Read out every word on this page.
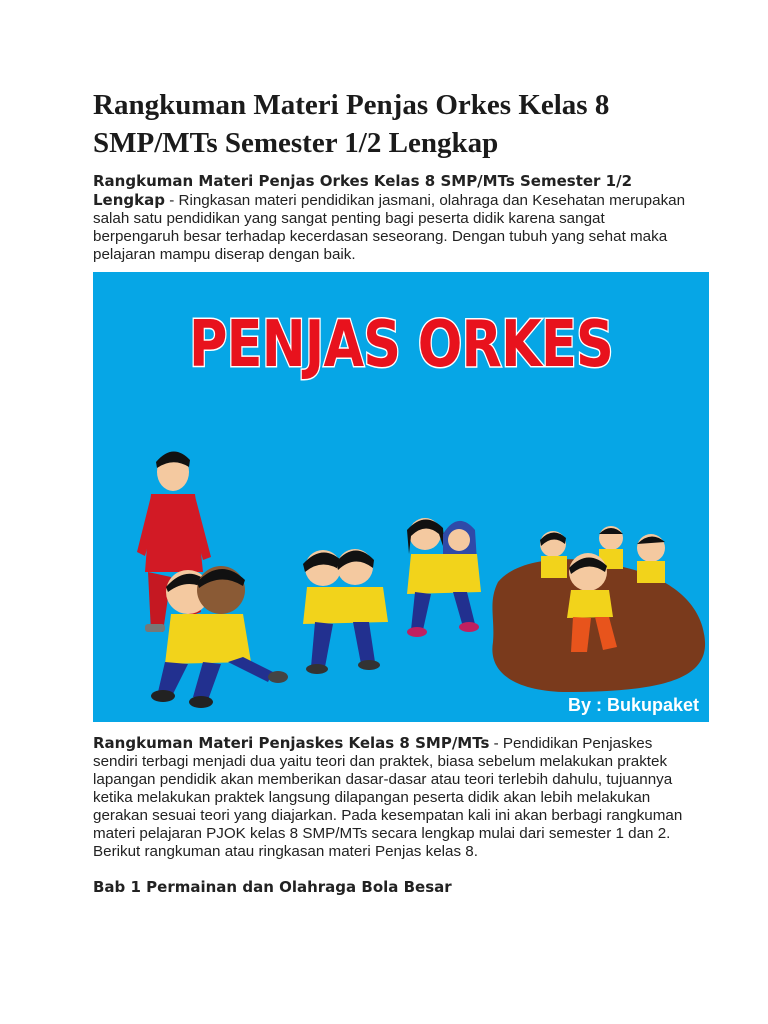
Rangkuman Materi Penjas Orkes Kelas 8 SMP/MTs Semester 1/2 Lengkap

Rangkuman Materi Penjas Orkes Kelas 8 SMP/MTs Semester 1/2 Lengkap - Ringkasan materi pendidikan jasmani, olahraga dan Kesehatan merupakan salah satu pendidikan yang sangat penting bagi peserta didik karena sangat berpengaruh besar terhadap kecerdasan seseorang. Dengan tubuh yang sehat maka pelajaran mampu diserap dengan baik.

PENJAS ORKES
By : Bukupaket

Rangkuman Materi Penjaskes Kelas 8 SMP/MTs - Pendidikan Penjaskes sendiri terbagi menjadi dua yaitu teori dan praktek, biasa sebelum melakukan praktek lapangan pendidik akan memberikan dasar-dasar atau teori terlebih dahulu, tujuannya ketika melakukan praktek langsung dilapangan peserta didik akan lebih melakukan gerakan sesuai teori yang diajarkan. Pada kesempatan kali ini akan berbagi rangkuman materi pelajaran PJOK kelas 8 SMP/MTs secara lengkap mulai dari semester 1 dan 2. Berikut rangkuman atau ringkasan materi Penjas kelas 8.

Bab 1 Permainan dan Olahraga Bola Besar
